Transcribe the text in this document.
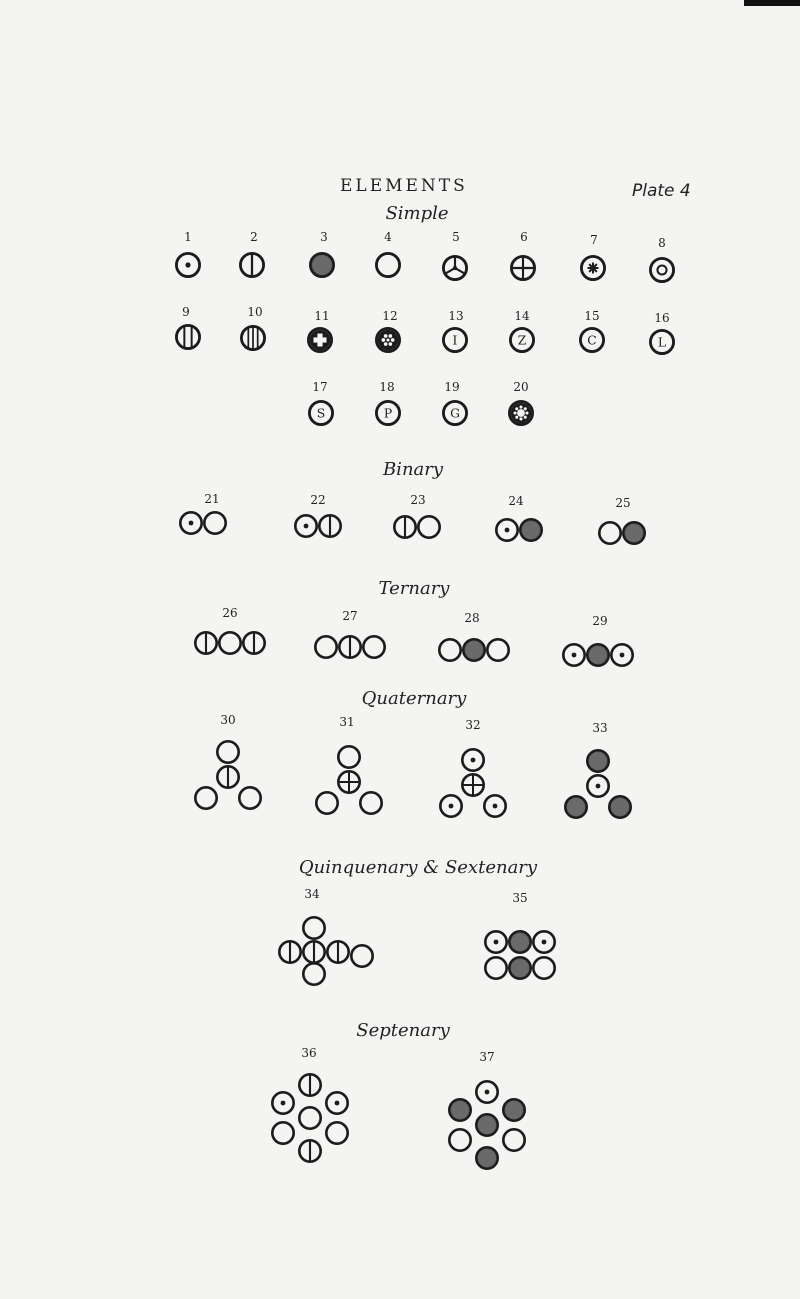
ELEMENTS	Plate 4
Simple
Binary
Ternary
Quaternary
Quinquenary & Sextenary
Septenary
1	2	3	4	5	6	7	8
9	10	11	12	13
I
14
Z
15
C
16
L
17
S
18
P
19
G
20
21	22	23	24	25
26	27	28	29
30	31	32	33
34	35
36	37
